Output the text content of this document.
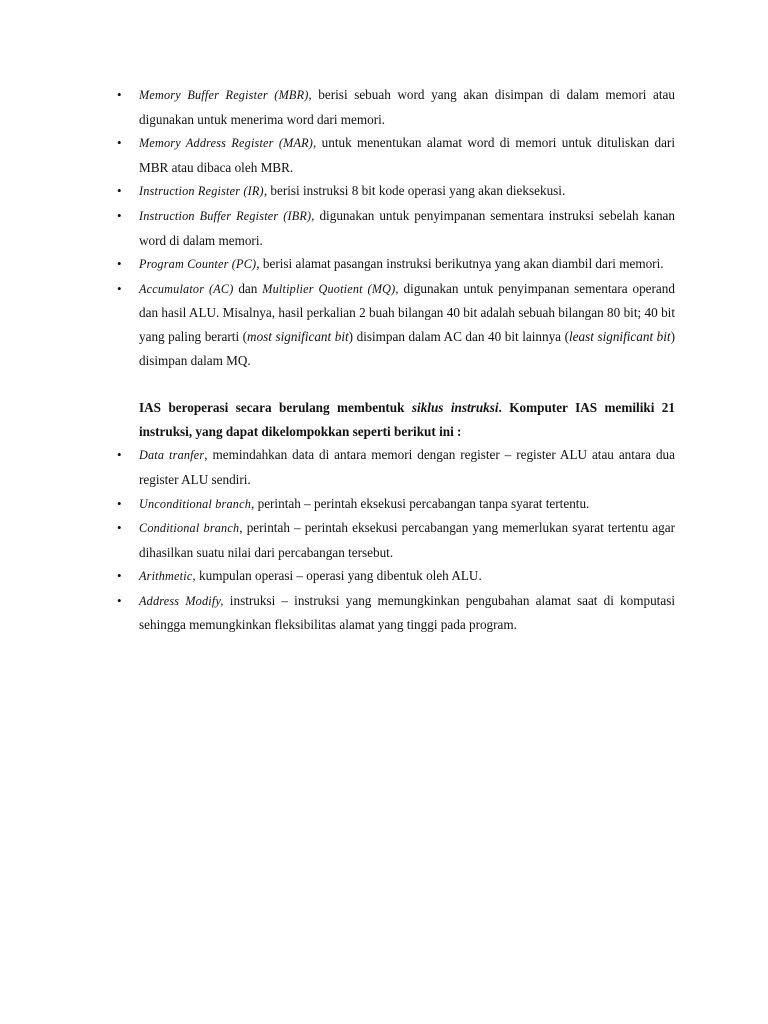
• Memory Buffer Register (MBR), berisi sebuah word yang akan disimpan di dalam memori atau digunakan untuk menerima word dari memori.
• Memory Address Register (MAR), untuk menentukan alamat word di memori untuk dituliskan dari MBR atau dibaca oleh MBR.
• Instruction Register (IR), berisi instruksi 8 bit kode operasi yang akan dieksekusi.
• Instruction Buffer Register (IBR), digunakan untuk penyimpanan sementara instruksi sebelah kanan word di dalam memori.
• Program Counter (PC), berisi alamat pasangan instruksi berikutnya yang akan diambil dari memori.
• Accumulator (AC) dan Multiplier Quotient (MQ), digunakan untuk penyimpanan sementara operand dan hasil ALU. Misalnya, hasil perkalian 2 buah bilangan 40 bit adalah sebuah bilangan 80 bit; 40 bit yang paling berarti (most significant bit) disimpan dalam AC dan 40 bit lainnya (least significant bit) disimpan dalam MQ.

IAS beroperasi secara berulang membentuk siklus instruksi. Komputer IAS memiliki 21 instruksi, yang dapat dikelompokkan seperti berikut ini :

• Data tranfer, memindahkan data di antara memori dengan register – register ALU atau antara dua register ALU sendiri.
• Unconditional branch, perintah – perintah eksekusi percabangan tanpa syarat tertentu.
• Conditional branch, perintah – perintah eksekusi percabangan yang memerlukan syarat tertentu agar dihasilkan suatu nilai dari percabangan tersebut.
• Arithmetic, kumpulan operasi – operasi yang dibentuk oleh ALU.
• Address Modify, instruksi – instruksi yang memungkinkan pengubahan alamat saat di komputasi sehingga memungkinkan fleksibilitas alamat yang tinggi pada program.
